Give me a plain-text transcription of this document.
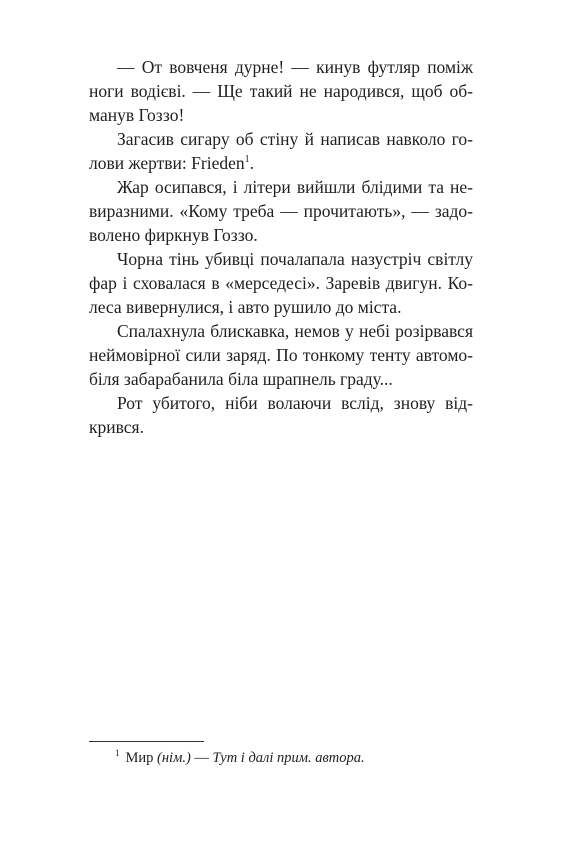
— От вовченя дурне! — кинув футляр поміж
ноги водієві. — Ще такий не народився, щоб об-
манув Гоззо!

Загасив сигару об стіну й написав навколо го-
лови жертви: Frieden$^1$.

Жар осипався, і літери вийшли блідими та не-
виразними. «Кому треба — прочитають», — задо-
волено фиркнув Гоззо.

Чорна тінь убивці почалапала назустріч світлу
фар і сховалася в «мерседесі». Заревів двигун. Ко-
леса вивернулися, і авто рушило до міста.

Спалахнула блискавка, немов у небі розірвався
неймовірної сили заряд. По тонкому тенту автомо-
біля забарабанила біла шрапнель граду...

Рот убитого, ніби волаючи вслід, знову від-
крився.

$^1$ Мир (нім.) — Тут і далі прим. автора.
